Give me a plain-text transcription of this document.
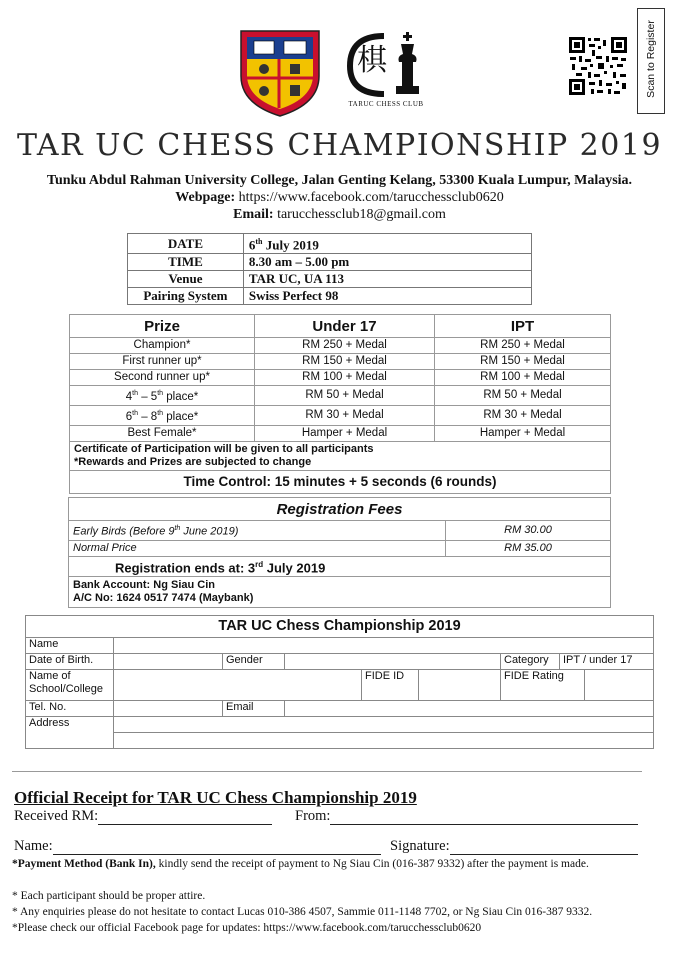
棋
TARUC CHESS CLUB
Scan to Register
TAR UC CHESS CHAMPIONSHIP 2019
Tunku Abdul Rahman University College, Jalan Genting Kelang, 53300 Kuala Lumpur, Malaysia.
Webpage: https://www.facebook.com/tarucchessclub0620
Email: tarucchessclub18@gmail.com
DATE	6th July 2019
TIME	8.30 am – 5.00 pm
Venue	TAR UC, UA 113
Pairing System	Swiss Perfect 98
Prize	Under 17	IPT
Champion*	RM 250 + Medal	RM 250 + Medal
First runner up*	RM 150 + Medal	RM 150 + Medal
Second runner up*	RM 100 + Medal	RM 100 + Medal
4th – 5th place*	RM 50 + Medal	RM 50 + Medal
6th – 8th place*	RM 30 + Medal	RM 30 + Medal
Best Female*	Hamper + Medal	Hamper + Medal

Certificate of Participation will be given to all participants
*Rewards and Prizes are subjected to change		

Time Control: 15 minutes + 5 seconds (6 rounds)		
Registration Fees	
Early Birds (Before 9th June 2019)	RM 30.00
Normal Price	RM 35.00
Registration ends at: 3rd July 2019	

Bank Account: Ng Siau Cin
A/C No: 1624 0517 7474 (Maybank)	
TAR UC Chess Championship 2019								
Name								
Date of Birth.		Gender				Category	IPT / under 17	
Name of School/College				FIDE ID		FIDE Rating		
Tel. No.		Email						
Address								

Official Receipt for TAR UC Chess Championship 2019
Received RM:	From:
Name:	Signature:
*Payment Method (Bank In), kindly send the receipt of payment to Ng Siau Cin (016-387 9332) after the payment is made.
* Each participant should be proper attire.
* Any enquiries please do not hesitate to contact Lucas 010-386 4507, Sammie 011-1148 7702, or Ng Siau Cin 016-387 9332.
*Please check our official Facebook page for updates: https://www.facebook.com/tarucchessclub0620
